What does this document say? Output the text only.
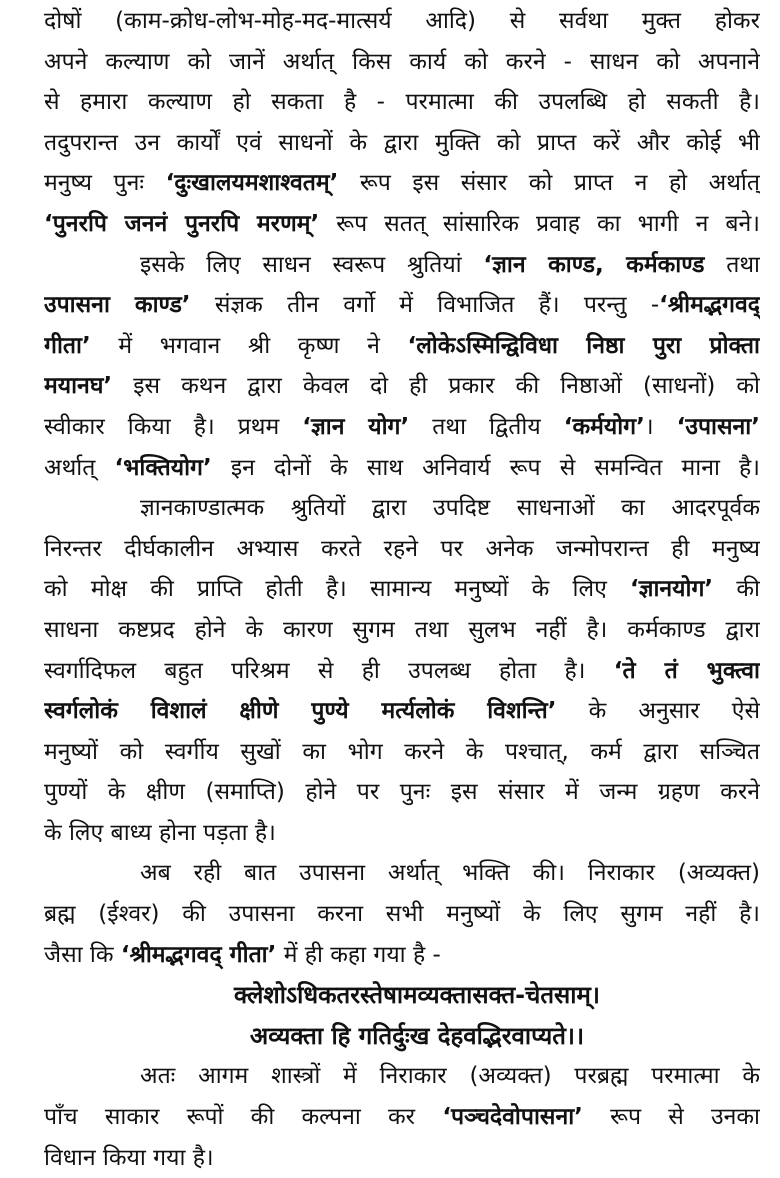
दोषों (काम-क्रोध-लोभ-मोह-मद-मात्सर्य आदि) से सर्वथा मुक्त होकर
अपने कल्याण को जानें अर्थात् किस कार्य को करने - साधन को अपनाने
से हमारा कल्याण हो सकता है - परमात्मा की उपलब्धि हो सकती है।
तदुपरान्त उन कार्यों एवं साधनों के द्वारा मुक्ति को प्राप्त करें और कोई भी
मनुष्य पुनः ‘दुःखालयमशाश्वतम्’ रूप इस संसार को प्राप्त न हो अर्थात्
‘पुनरपि जननं पुनरपि मरणम्’ रूप सतत् सांसारिक प्रवाह का भागी न बने।
इसके लिए साधन स्वरूप श्रुतियां ‘ज्ञान काण्ड, कर्मकाण्ड तथा
उपासना काण्ड’ संज्ञक तीन वर्गो में विभाजित हैं। परन्तु -‘श्रीमद्भगवद्
गीता’ में भगवान श्री कृष्ण ने ‘लोकेऽस्मिन्द्विविधा निष्ठा पुरा प्रोक्ता
मयानघ’ इस कथन द्वारा केवल दो ही प्रकार की निष्ठाओं (साधनों) को
स्वीकार किया है। प्रथम ‘ज्ञान योग’ तथा द्वितीय ‘कर्मयोग’। ‘उपासना’
अर्थात् ‘भक्तियोग’ इन दोनों के साथ अनिवार्य रूप से समन्वित माना है।
ज्ञानकाण्डात्मक श्रुतियों द्वारा उपदिष्ट साधनाओं का आदरपूर्वक
निरन्तर दीर्घकालीन अभ्यास करते रहने पर अनेक जन्मोपरान्त ही मनुष्य
को मोक्ष की प्राप्ति होती है। सामान्य मनुष्यों के लिए ‘ज्ञानयोग’ की
साधना कष्टप्रद होने के कारण सुगम तथा सुलभ नहीं है। कर्मकाण्ड द्वारा
स्वर्गादिफल बहुत परिश्रम से ही उपलब्ध होता है। ‘ते तं भुक्त्वा
स्वर्गलोकं विशालं क्षीणे पुण्ये मर्त्यलोकं विशन्ति’ के अनुसार ऐसे
मनुष्यों को स्वर्गीय सुखों का भोग करने के पश्चात्, कर्म द्वारा सञ्चित
पुण्यों के क्षीण (समाप्ति) होने पर पुनः इस संसार में जन्म ग्रहण करने
के लिए बाध्य होना पड़ता है।
अब रही बात उपासना अर्थात् भक्ति की। निराकार (अव्यक्त)
ब्रह्म (ईश्वर) की उपासना करना सभी मनुष्यों के लिए सुगम नहीं है।
जैसा कि ‘श्रीमद्भगवद् गीता’ में ही कहा गया है -
क्लेशोऽधिकतरस्तेषामव्यक्तासक्त-चेतसाम्।
अव्यक्ता हि गतिर्दुःख देहवद्भिरवाप्यते।।
अतः आगम शास्त्रों में निराकार (अव्यक्त) परब्रह्म परमात्मा के
पाँच साकार रूपों की कल्पना कर ‘पञ्चदेवोपासना’ रूप से उनका
विधान किया गया है।
